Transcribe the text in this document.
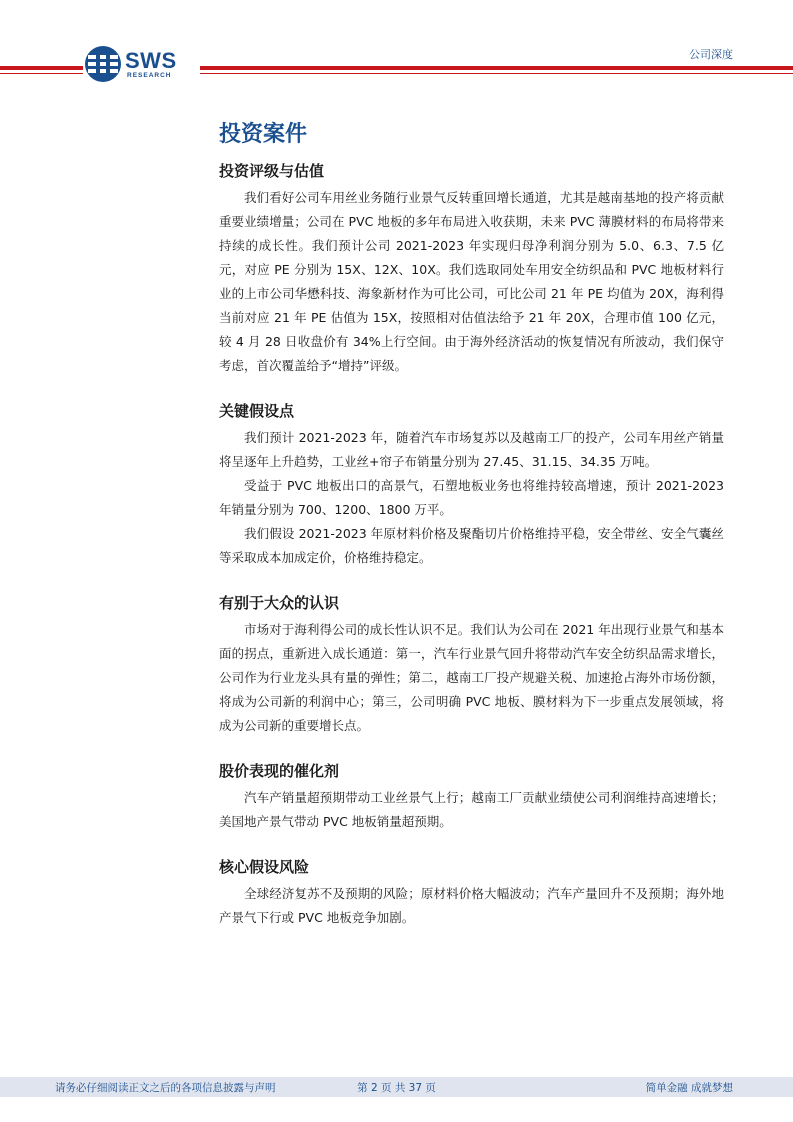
SWS
RESEARCH
公司深度
投资案件
投资评级与估值

我们看好公司车用丝业务随行业景气反转重回增长通道，尤其是越南基地的投产将贡献重要业绩增量；公司在 PVC 地板的多年布局进入收获期，未来 PVC 薄膜材料的布局将带来持续的成长性。我们预计公司 2021-2023 年实现归母净利润分别为 5.0、6.3、7.5 亿元，对应 PE 分别为 15X、12X、10X。我们选取同处车用安全纺织品和 PVC 地板材料行业的上市公司华懋科技、海象新材作为可比公司，可比公司 21 年 PE 均值为 20X，海利得当前对应 21 年 PE 估值为 15X，按照相对估值法给予 21 年 20X，合理市值 100 亿元，较 4 月 28 日收盘价有 34%上行空间。由于海外经济活动的恢复情况有所波动，我们保守考虑，首次覆盖给予“增持”评级。

关键假设点

我们预计 2021-2023 年，随着汽车市场复苏以及越南工厂的投产，公司车用丝产销量将呈逐年上升趋势，工业丝+帘子布销量分别为 27.45、31.15、34.35 万吨。

受益于 PVC 地板出口的高景气，石塑地板业务也将维持较高增速，预计 2021-2023 年销量分别为 700、1200、1800 万平。

我们假设 2021-2023 年原材料价格及聚酯切片价格维持平稳，安全带丝、安全气囊丝等采取成本加成定价，价格维持稳定。

有别于大众的认识

市场对于海利得公司的成长性认识不足。我们认为公司在 2021 年出现行业景气和基本面的拐点，重新进入成长通道：第一，汽车行业景气回升将带动汽车安全纺织品需求增长，公司作为行业龙头具有量的弹性；第二，越南工厂投产规避关税、加速抢占海外市场份额，将成为公司新的利润中心；第三，公司明确 PVC 地板、膜材料为下一步重点发展领域，将成为公司新的重要增长点。

股价表现的催化剂

汽车产销量超预期带动工业丝景气上行；越南工厂贡献业绩使公司利润维持高速增长；美国地产景气带动 PVC 地板销量超预期。

核心假设风险

全球经济复苏不及预期的风险；原材料价格大幅波动；汽车产量回升不及预期；海外地产景气下行或 PVC 地板竞争加剧。

请务必仔细阅读正文之后的各项信息披露与声明	第 2 页 共 37 页	简单金融 成就梦想
